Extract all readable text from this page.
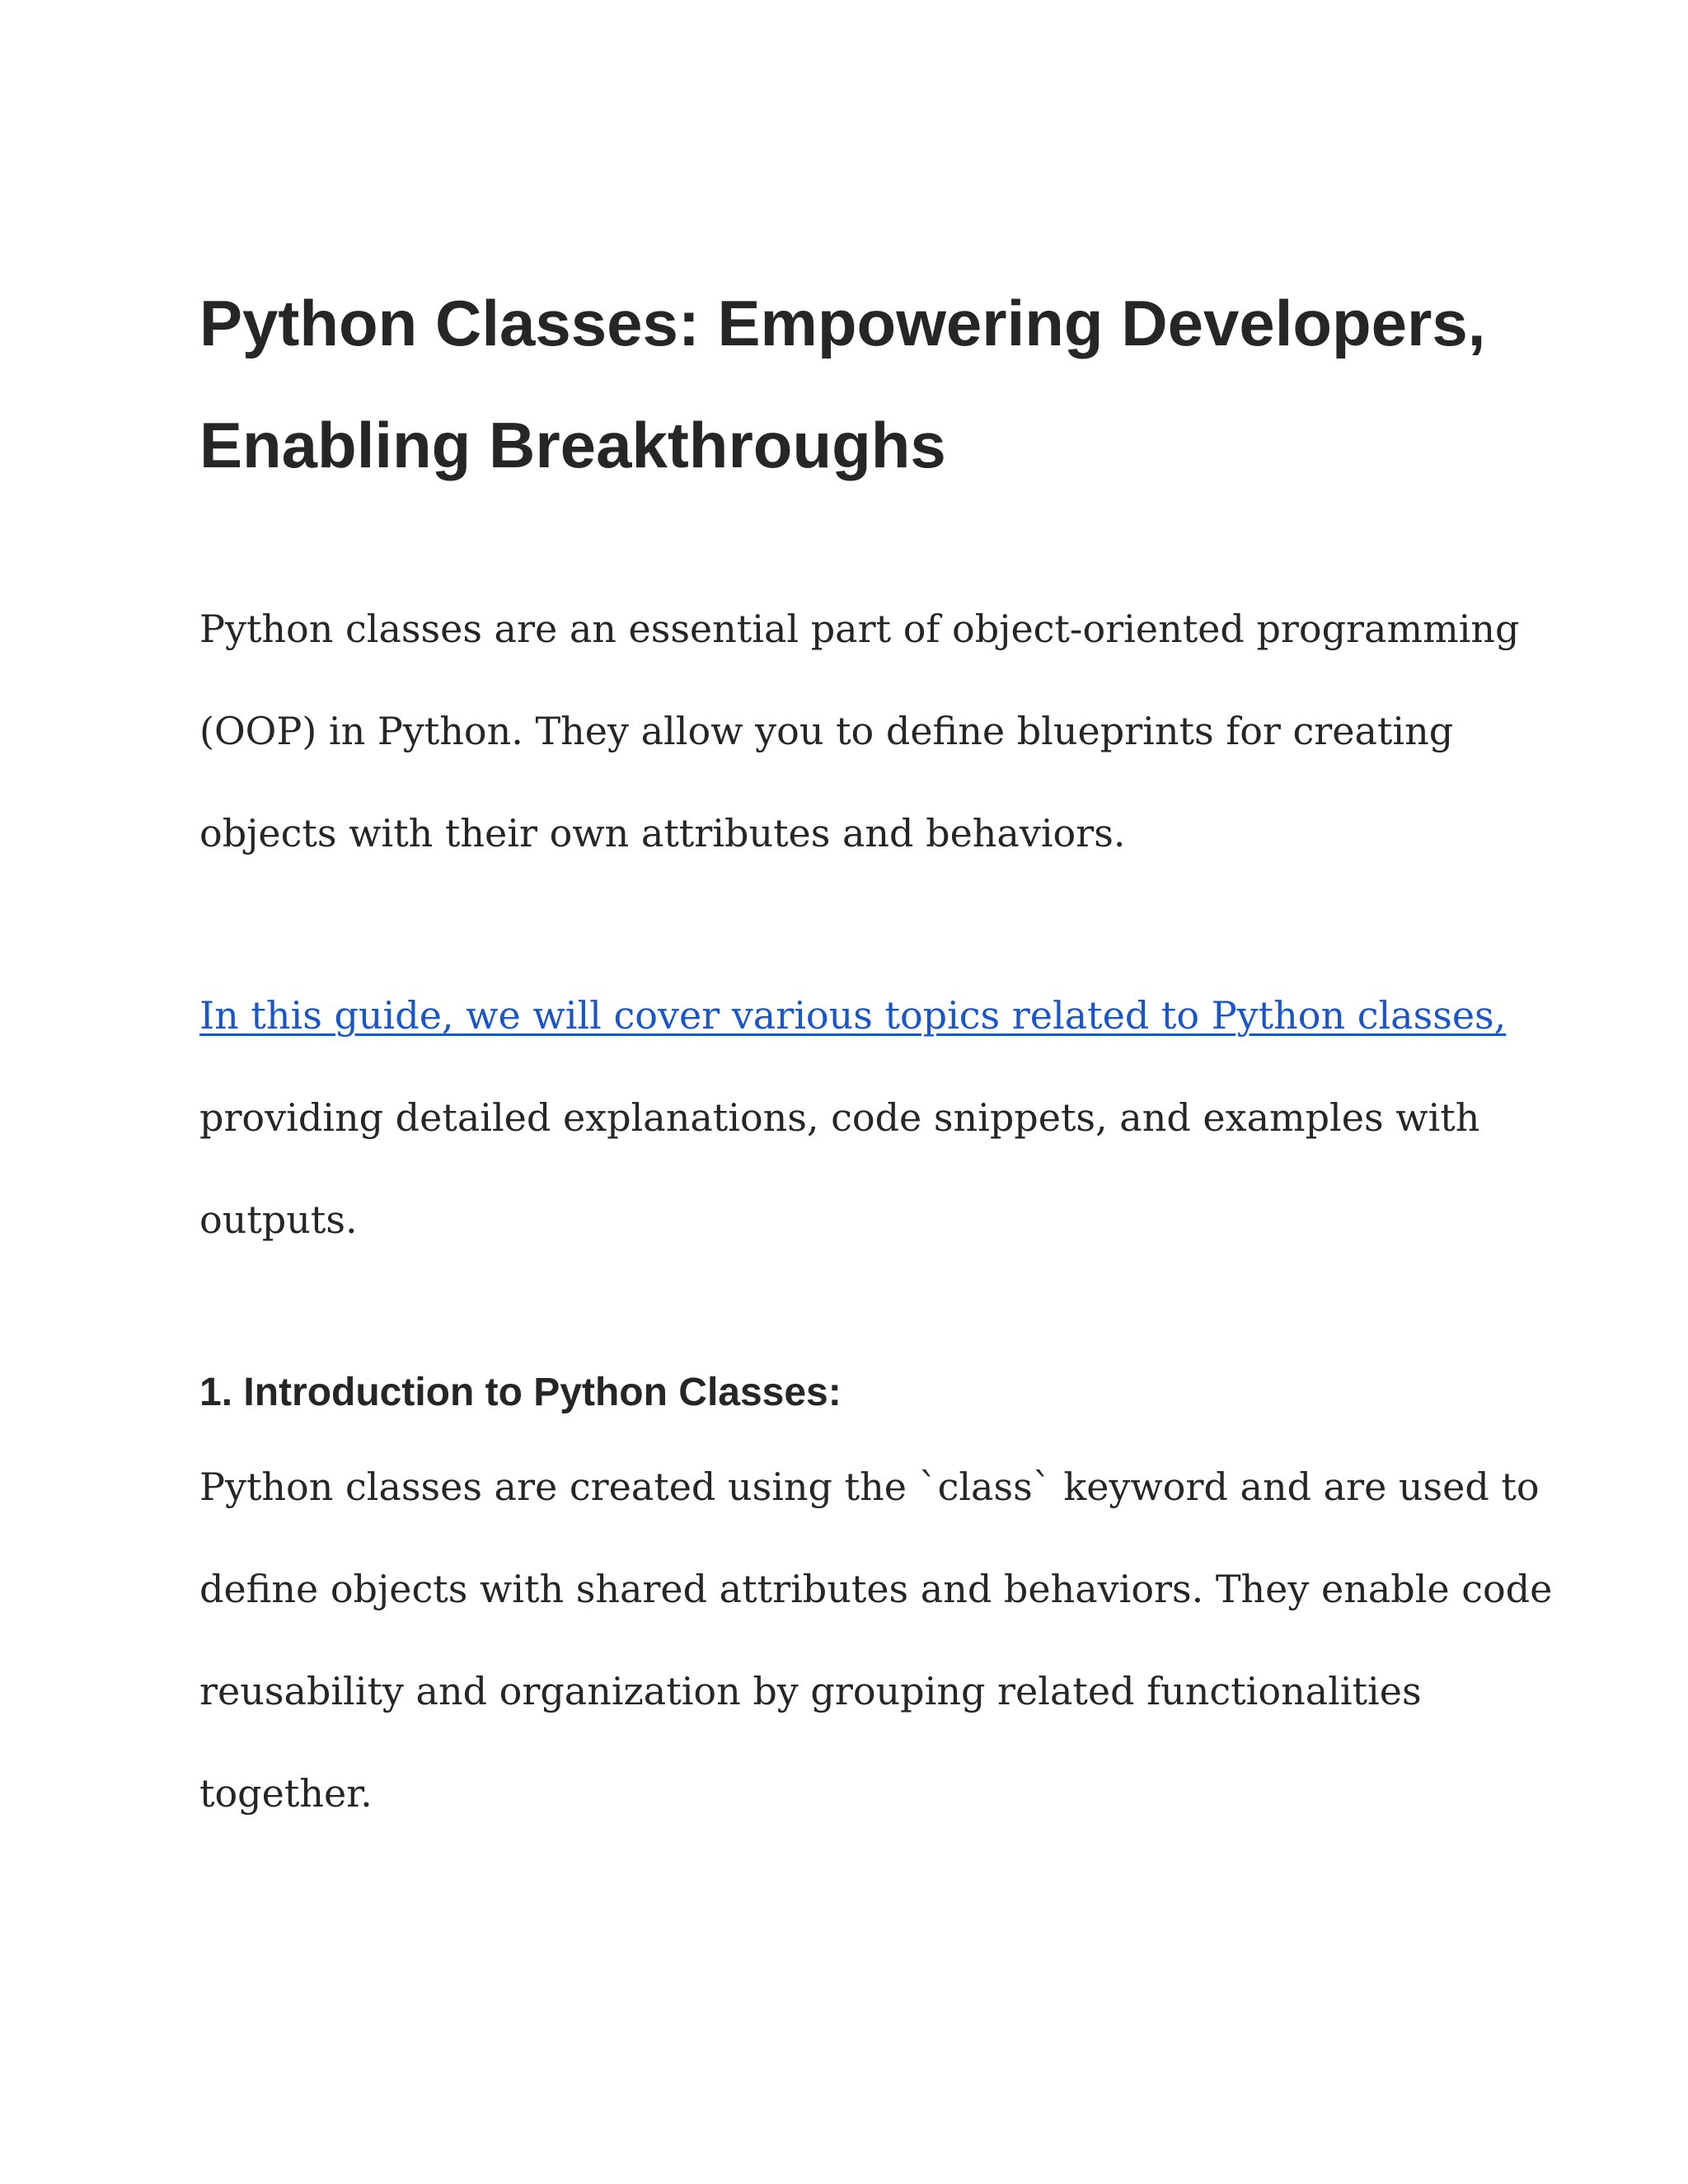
Python Classes: Empowering Developers,
Enabling Breakthroughs

Python classes are an essential part of object-oriented programming
(OOP) in Python. They allow you to define blueprints for creating
objects with their own attributes and behaviors.

In this guide, we will cover various topics related to Python classes,
providing detailed explanations, code snippets, and examples with
outputs.

1. Introduction to Python Classes:

Python classes are created using the `class` keyword and are used to
define objects with shared attributes and behaviors. They enable code
reusability and organization by grouping related functionalities
together.
